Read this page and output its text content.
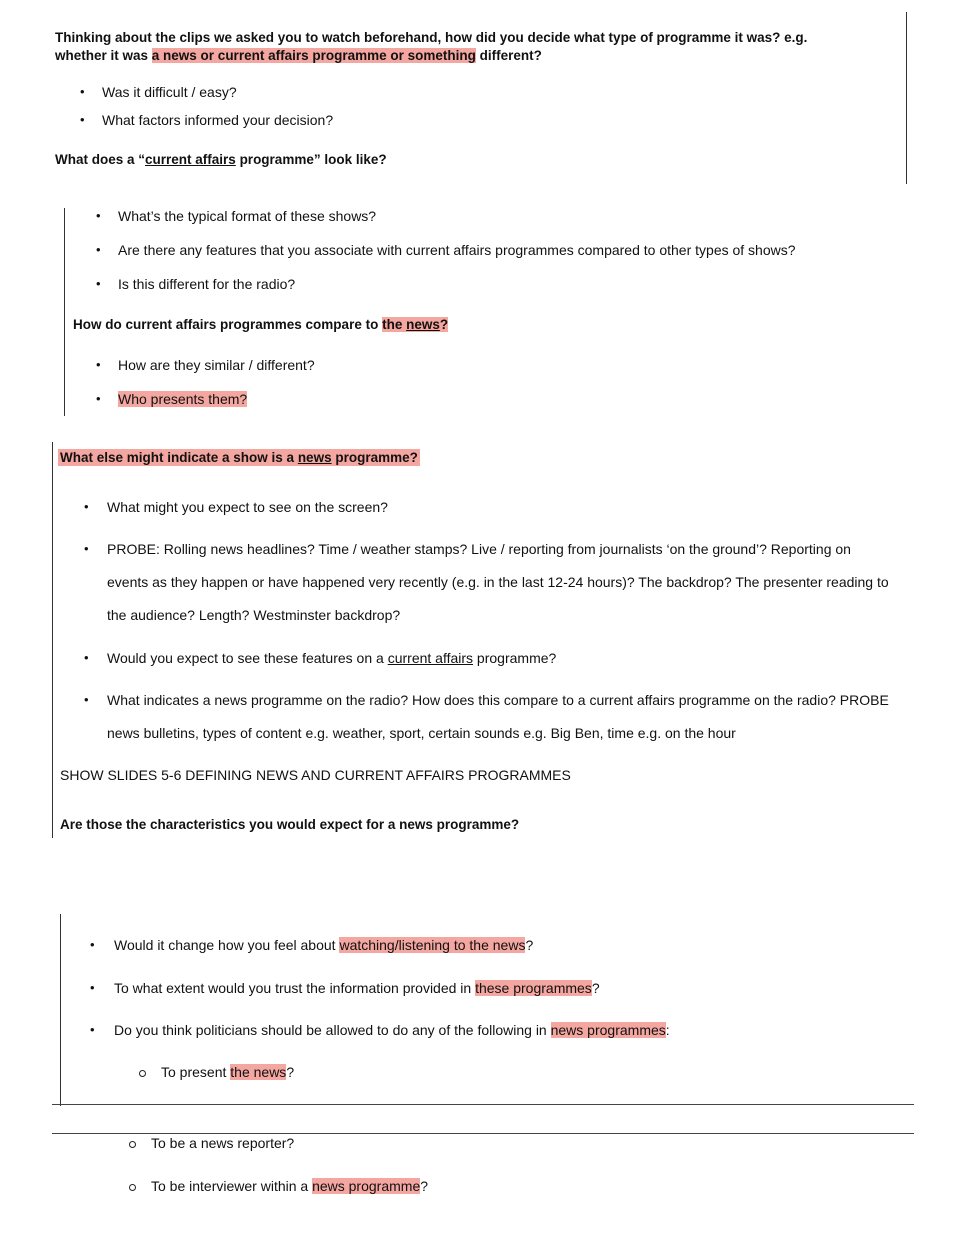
Thinking about the clips we asked you to watch beforehand, how did you decide what type of programme it was? e.g.
whether it was a news or current affairs programme or something different?
• Was it difficult / easy?
• What factors informed your decision?
What does a “current affairs programme” look like?
• What’s the typical format of these shows?
• Are there any features that you associate with current affairs programmes compared to other types of shows?
• Is this different for the radio?
How do current affairs programmes compare to the news?
• How are they similar / different?
• Who presents them?
What else might indicate a show is a news programme?
• What might you expect to see on the screen?
• PROBE: Rolling news headlines? Time / weather stamps? Live / reporting from journalists ‘on the ground’? Reporting on
events as they happen or have happened very recently (e.g. in the last 12-24 hours)? The backdrop? The presenter reading to
the audience? Length? Westminster backdrop?
• Would you expect to see these features on a current affairs programme?
• What indicates a news programme on the radio? How does this compare to a current affairs programme on the radio? PROBE
news bulletins, types of content e.g. weather, sport, certain sounds e.g. Big Ben, time e.g. on the hour
SHOW SLIDES 5-6 DEFINING NEWS AND CURRENT AFFAIRS PROGRAMMES
Are those the characteristics you would expect for a news programme?
• Would it change how you feel about watching/listening to the news?
• To what extent would you trust the information provided in these programmes?
• Do you think politicians should be allowed to do any of the following in news programmes:
To present the news?
To be a news reporter?
To be interviewer within a news programme?
